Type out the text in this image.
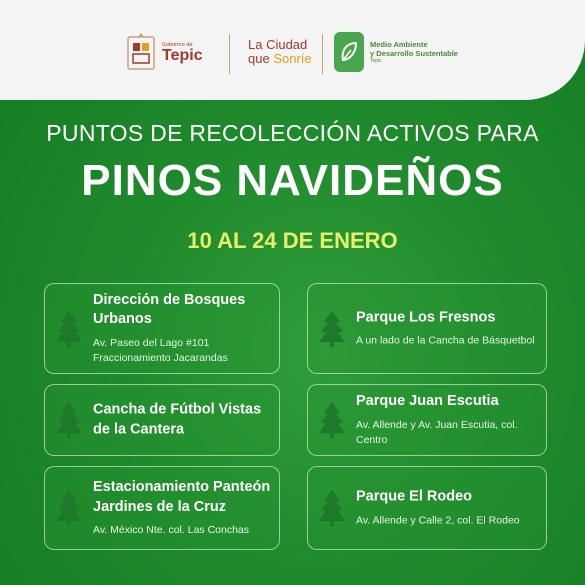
Gobierno de
Tepic
La Ciudad
que Sonríe
Medio Ambiente
y Desarrollo Sustentable
Tepic
PUNTOS DE RECOLECCIÓN ACTIVOS PARA
PINOS NAVIDEÑOS
10 AL 24 DE ENERO
Dirección de Bosques Urbanos
Av. Paseo del Lago #101 Fraccionamiento Jacarandas
Cancha de Fútbol Vistas de la Cantera
Estacionamiento Panteón Jardines de la Cruz
Av. México Nte. col. Las Conchas
Parque Los Fresnos
A un lado de la Cancha de Básquetbol
Parque Juan Escutia
Av. Allende y Av. Juan Escutia, col. Centro
Parque El Rodeo
Av. Allende y Calle 2, col. El Rodeo
